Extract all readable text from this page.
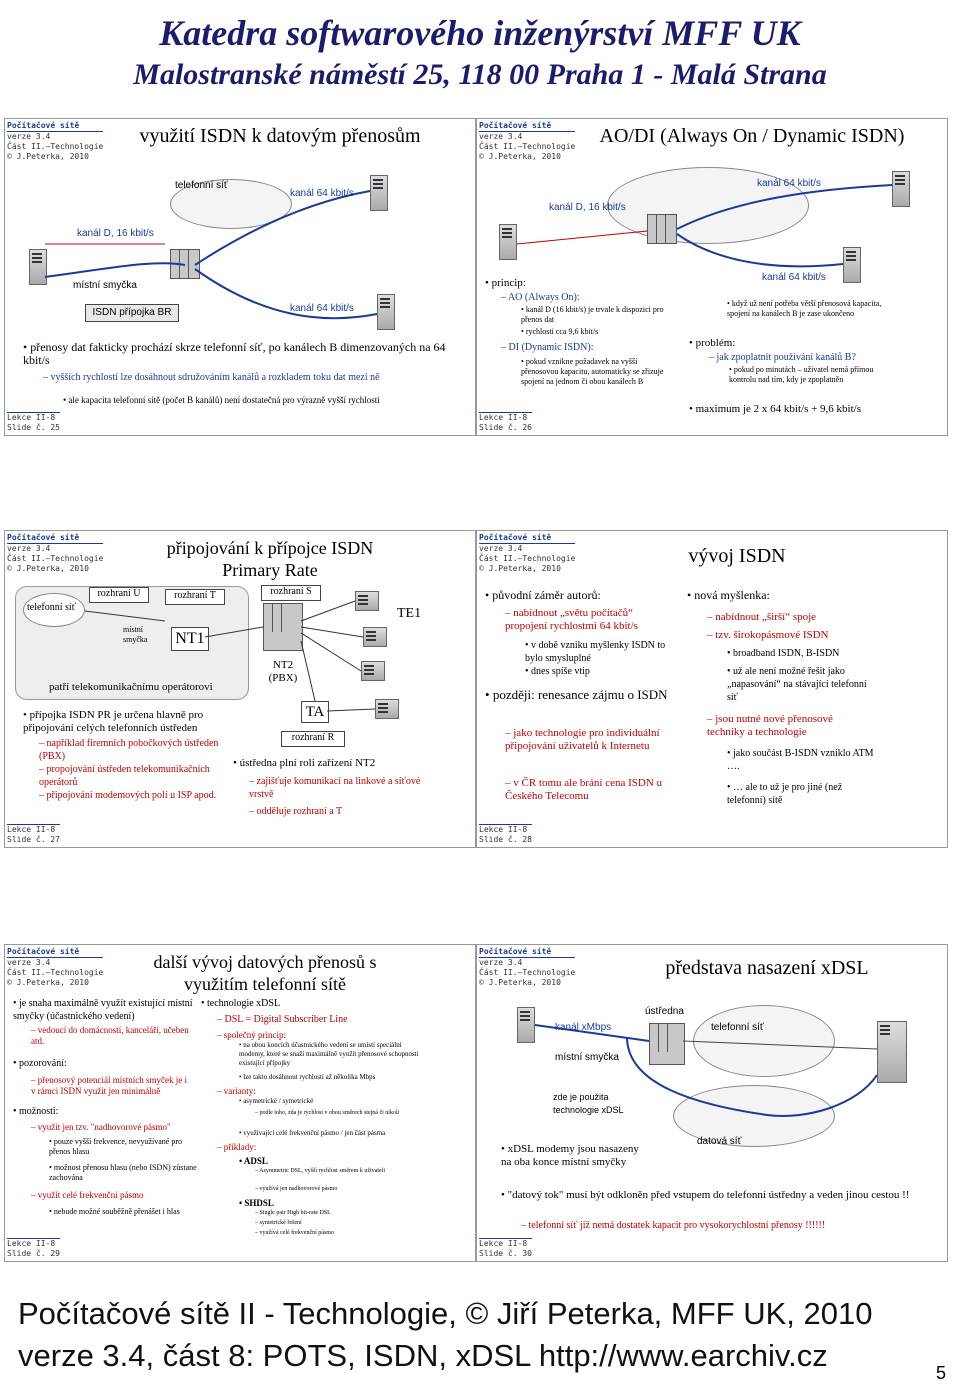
Katedra softwarového inženýrství MFF UK
Malostranské náměstí 25, 118 00 Praha 1 - Malá Strana
Počítačové sítě
verze 3.4
Část II.–Technologie
© J.Peterka, 2010
využití ISDN k datovým přenosům
telefonní síť
kanál 64 kbit/s
kanál D, 16 kbit/s
místní smyčka
ISDN přípojka BR	kanál 64 kbit/s
• přenosy dat fakticky prochází skrze telefonní síť, po kanálech B dimenzovaných na 64 kbit/s
– vyšších rychlostí lze dosáhnout sdružováním kanálů a rozkladem toku dat mezi ně
• ale kapacita telefonní sítě (počet B kanálů) není dostatečná pro výrazně vyšší rychlosti
Lekce II-8
Slide č. 25
Počítačové sítě
verze 3.4
Část II.–Technologie
© J.Peterka, 2010
AO/DI (Always On / Dynamic ISDN)
kanál 64 kbit/s
kanál D, 16 kbit/s
kanál 64 kbit/s
• princip:
– AO (Always On):
• kanál D (16 kbit/s) je trvale k dispozici pro přenos dat
• rychlosti cca 9,6 kbit/s
– DI (Dynamic ISDN):
• pokud vznikne požadavek na vyšší přenosovou kapacitu, automaticky se zřizuje spojení na jednom či obou kanálech B
• když už není potřeba větší přenosová kapacita, spojení na kanálech B je zase ukončeno
• problém:
– jak zpoplatnit používání kanálů B?
• pokud po minutách – uživatel nemá přímou kontrolu nad tím, kdy je zpoplatněn
• maximum je 2 x 64 kbit/s + 9,6 kbit/s
Lekce II-8
Slide č. 26
Počítačové sítě
verze 3.4
Část II.–Technologie
© J.Peterka, 2010
připojování k přípojce ISDN Primary Rate
telefonní síť
rozhraní U	rozhraní T
místní smyčka	NT1
patří telekomunikačnímu operátorovi
rozhraní S
NT2 (PBX)
TE1
TA
rozhraní R
• přípojka ISDN PR je určena hlavně pro připojování celých telefonních ústředen
– například firemních pobočkových ústředen (PBX)
– propojování ústředen telekomunikačních operátorů
– připojování modemových polí u ISP apod.
• ústředna plní roli zařízení NT2
– zajišťuje komunikaci na linkové a síťové vrstvě
– odděluje rozhraní a T
Lekce II-8
Slide č. 27
Počítačové sítě
verze 3.4
Část II.–Technologie
© J.Peterka, 2010
vývoj ISDN
• původní záměr autorů:
– nabídnout „světu počítačů“ propojení rychlostmi 64 kbit/s
• v době vzniku myšlenky ISDN to bylo smysluplné
• dnes spíše vtip
• později: renesance zájmu o ISDN
– jako technologie pro individuální připojování uživatelů k Internetu
– v ČR tomu ale brání cena ISDN u Českého Telecomu
• nová myšlenka:
– nabídnout „širší“ spoje
– tzv. širokopásmové ISDN
• broadband ISDN, B-ISDN
• už ale není možné řešit jako „napasování“ na stávající telefonní síť
– jsou nutné nové přenosové techniky a technologie
• jako součást B-ISDN vzniklo ATM ….
• … ale to už je pro jiné (než telefonní) sítě
Lekce II-8
Slide č. 28
Počítačové sítě
verze 3.4
Část II.–Technologie
© J.Peterka, 2010
další vývoj datových přenosů s využitím telefonní sítě
• je snaha maximálně využít existující místní smyčky (účastnického vedení)
– vedoucí do domácností, kanceláří, učeben atd.
• pozorování:
– přenosový potenciál místních smyček je i v rámci ISDN využit jen minimálně
• možnosti:
– využít jen tzv. "nadhovorové pásmo"
• pouze vyšší frekvence, nevyužívané pro přenos hlasu
• možnost přenosu hlasu (nebo ISDN) zůstane zachována
– využít celé frekvenční pásmo
• nebude možné souběžně přenášet i hlas
• technologie xDSL
– DSL = Digital Subscriber Line
– společný princip:
• na obou koncích účastnického vedení se umístí speciální modemy, které se snaží maximálně využít přenosové schopnosti existující přípojky
• lze takto dosáhnout rychlostí až několika Mbps
– varianty:
• asymetrické / symetrické
– podle toho, zda je rychlost v obou směrech stejná či nikoli
• využívající celé frekvenční pásmo / jen část pásma
– příklady:
• ADSL
– Asymmetric DSL, vyšší rychlost směrem k uživateli
– využívá jen nadhovorové pásmo
• SHDSL
– Single pair High bit-rate DSL
– symetrické řešení
– využívá celé frekvenční pásmo
Lekce II-8
Slide č. 29
Počítačové sítě
verze 3.4
Část II.–Technologie
© J.Peterka, 2010
představa nasazení xDSL
kanál xMbps
ústředna
telefonní síť
místní smyčka
zde je použita technologie xDSL
datová síť
• xDSL modemy jsou nasazeny na oba konce místní smyčky
• "datový tok" musí být odkloněn před vstupem do telefonní ústředny a veden jinou cestou !!
– telefonní síť již nemá dostatek kapacit pro vysokorychlostní přenosy !!!!!!
Lekce II-8
Slide č. 30
Počítačové sítě II - Technologie, © Jiří Peterka, MFF UK, 2010
verze 3.4, část 8: POTS, ISDN, xDSL http://www.earchiv.cz	5
